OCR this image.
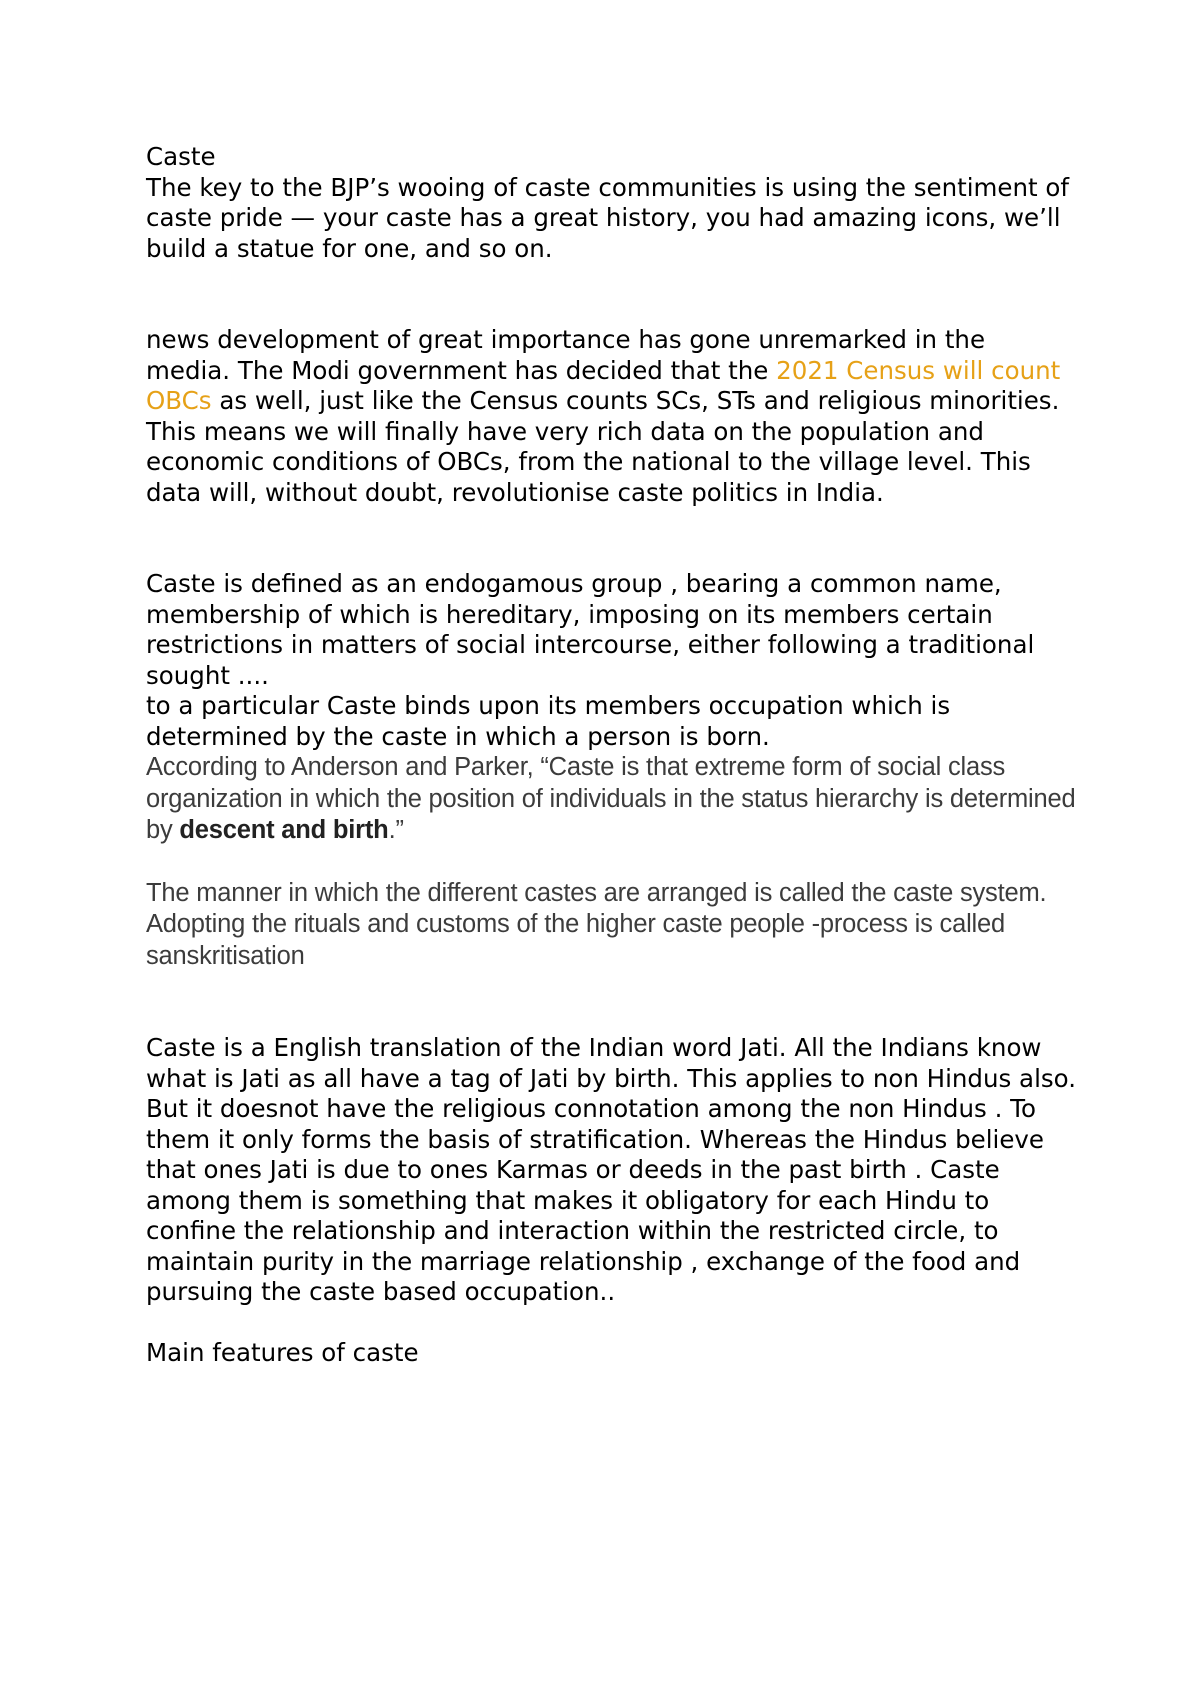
Caste

The key to the BJP’s wooing of caste communities is using the sentiment of caste pride — your caste has a great history, you had amazing icons, we’ll build a statue for one, and so on.

news development of great importance has gone unremarked in the media. The Modi government has decided that the 2021 Census will count OBCs as well, just like the Census counts SCs, STs and religious minorities. This means we will finally have very rich data on the population and economic conditions of OBCs, from the national to the village level. This data will, without doubt, revolutionise caste politics in India.

Caste is defined as an endogamous group , bearing a common name, membership of which is hereditary, imposing on its members certain restrictions in matters of social intercourse, either following a traditional sought ....

to a particular Caste binds upon its members occupation which is determined by the caste in which a person is born.

According to Anderson and Parker, “Caste is that extreme form of social class organization in which the position of individuals in the status hierarchy is determined by descent and birth.”

The manner in which the different castes are arranged is called the caste system.

Adopting the rituals and customs of the higher caste people -process is called sanskritisation

Caste is a English translation of the Indian word Jati. All the Indians know what is Jati as all have a tag of Jati by birth. This applies to non Hindus also. But it doesnot have the religious connotation among the non Hindus . To them it only forms the basis of stratification. Whereas the Hindus believe that ones Jati is due to ones Karmas or deeds in the past birth . Caste among them is something that makes it obligatory for each Hindu to confine the relationship and interaction within the restricted circle, to maintain purity in the marriage relationship , exchange of the food and pursuing the caste based occupation..

Main features of caste
